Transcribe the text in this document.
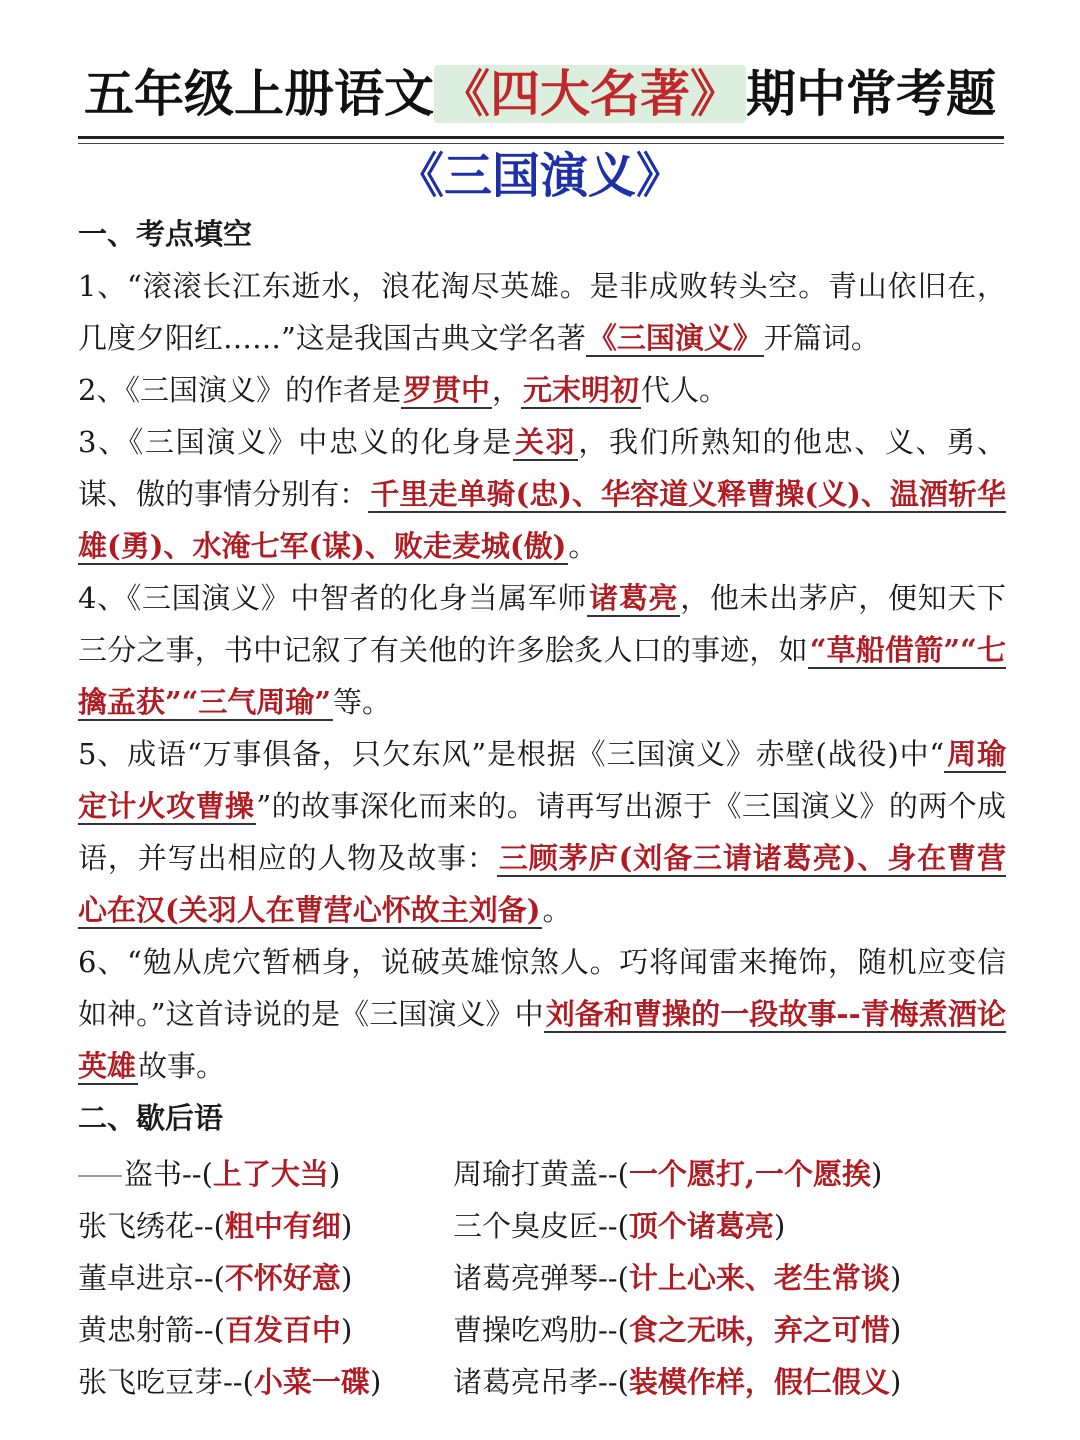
五年级上册语文 《四大名著》 期中常考题
《三国演义》

一、考点填空

1、“滚滚长江东逝水，浪花淘尽英雄。是非成败转头空。青山依旧在，几度夕阳红……”这是我国古典文学名著《三国演义》开篇词。

2、《三国演义》的作者是罗贯中，元末明初代人。

3、《三国演义》中忠义的化身是关羽，我们所熟知的他忠、义、勇、谋、傲的事情分别有：千里走单骑(忠)、华容道义释曹操(义)、温酒斩华雄(勇)、水淹七军(谋)、败走麦城(傲)。

4、《三国演义》中智者的化身当属军师诸葛亮，他未出茅庐，便知天下三分之事，书中记叙了有关他的许多脍炙人口的事迹，如“草船借箭”“七擒孟获”“三气周瑜”等。

5、成语“万事俱备，只欠东风”是根据《三国演义》赤壁(战役)中“周瑜定计火攻曹操”的故事深化而来的。请再写出源于《三国演义》的两个成语，并写出相应的人物及故事：三顾茅庐(刘备三请诸葛亮)、身在曹营心在汉(关羽人在曹营心怀故主刘备)。

6、“勉从虎穴暂栖身，说破英雄惊煞人。巧将闻雷来掩饰，随机应变信如神。”这首诗说的是《三国演义》中刘备和曹操的一段故事--青梅煮酒论英雄故事。

二、歇后语

盗书--(上了大当)	周瑜打黄盖--(一个愿打,一个愿挨)
张飞绣花--(粗中有细)	三个臭皮匠--(顶个诸葛亮)
董卓进京--(不怀好意)	诸葛亮弹琴--(计上心来、老生常谈)
黄忠射箭--(百发百中)	曹操吃鸡肋--(食之无味，弃之可惜)
张飞吃豆芽--(小菜一碟)	诸葛亮吊孝--(装模作样，假仁假义)
